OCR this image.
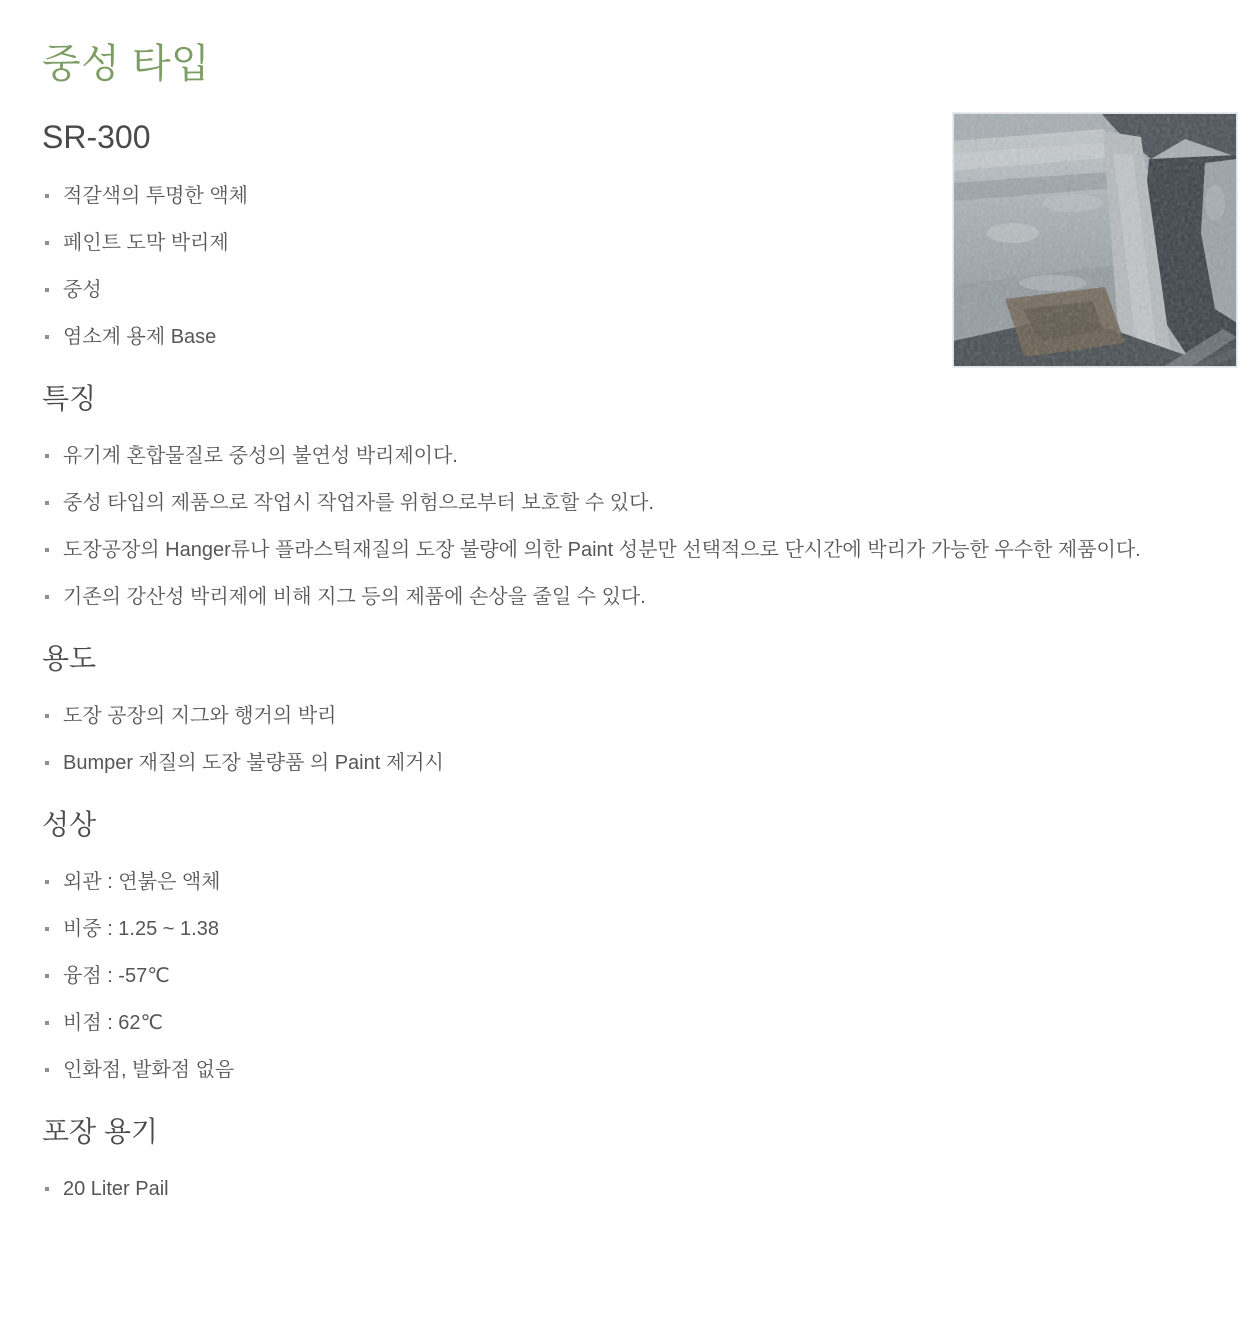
중성 타입
SR-300
적갈색의 투명한 액체
페인트 도막 박리제
중성
염소계 용제 Base
특징
유기계 혼합물질로 중성의 불연성 박리제이다.
중성 타입의 제품으로 작업시 작업자를 위험으로부터 보호할 수 있다.
도장공장의 Hanger류나 플라스틱재질의 도장 불량에 의한 Paint 성분만 선택적으로 단시간에 박리가 가능한 우수한 제품이다.
기존의 강산성 박리제에 비해 지그 등의 제품에 손상을 줄일 수 있다.
용도
도장 공장의 지그와 행거의 박리
Bumper 재질의 도장 불량품 의 Paint 제거시
성상
외관 : 연붉은 액체
비중 : 1.25 ~ 1.38
융점 : -57℃
비점 : 62℃
인화점, 발화점 없음
포장 용기
20 Liter Pail
